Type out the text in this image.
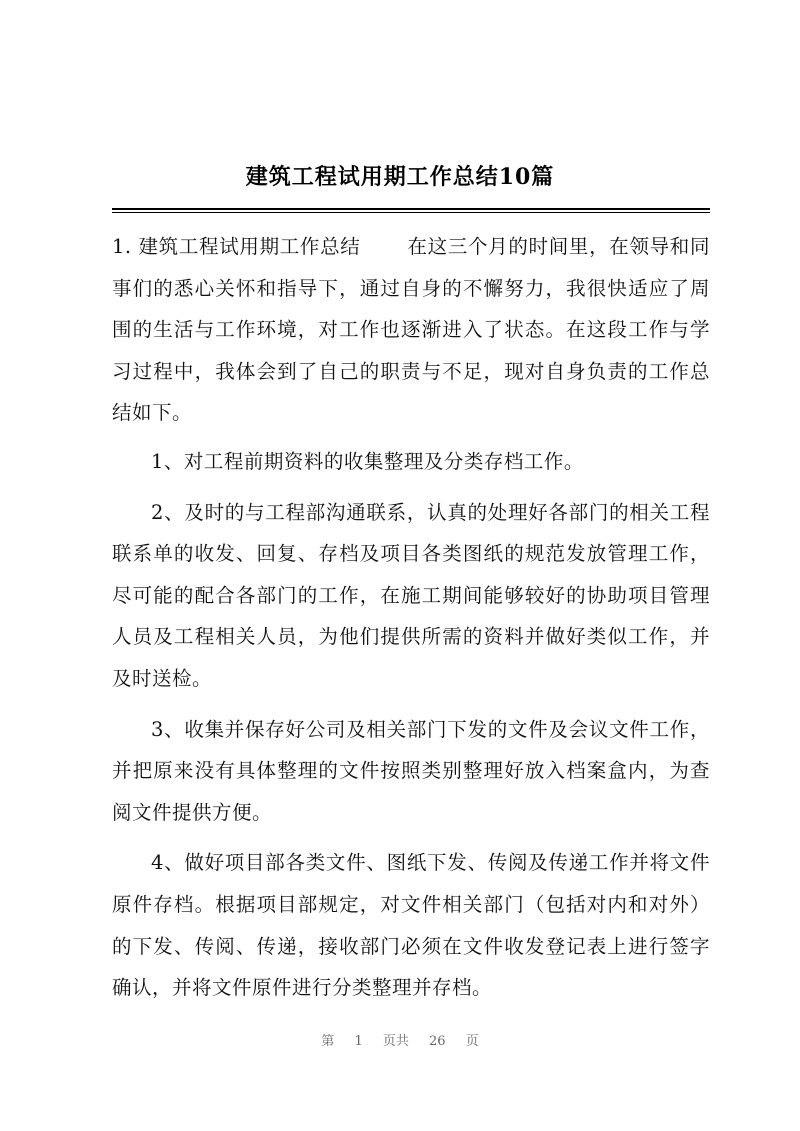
建筑工程试用期工作总结10篇

1. 建筑工程试用期工作总结 在这三个月的时间里，在领导和同事们的悉心关怀和指导下，通过自身的不懈努力，我很快适应了周围的生活与工作环境，对工作也逐渐进入了状态。在这段工作与学习过程中，我体会到了自己的职责与不足，现对自身负责的工作总结如下。

1、对工程前期资料的收集整理及分类存档工作。

2、及时的与工程部沟通联系，认真的处理好各部门的相关工程联系单的收发、回复、存档及项目各类图纸的规范发放管理工作，尽可能的配合各部门的工作，在施工期间能够较好的协助项目管理人员及工程相关人员，为他们提供所需的资料并做好类似工作，并及时送检。

3、收集并保存好公司及相关部门下发的文件及会议文件工作，并把原来没有具体整理的文件按照类别整理好放入档案盒内，为查阅文件提供方便。

4、做好项目部各类文件、图纸下发、传阅及传递工作并将文件原件存档。根据项目部规定，对文件相关部门（包括对内和对外）的下发、传阅、传递，接收部门必须在文件收发登记表上进行签字确认，并将文件原件进行分类整理并存档。

第 1 页共 26 页
